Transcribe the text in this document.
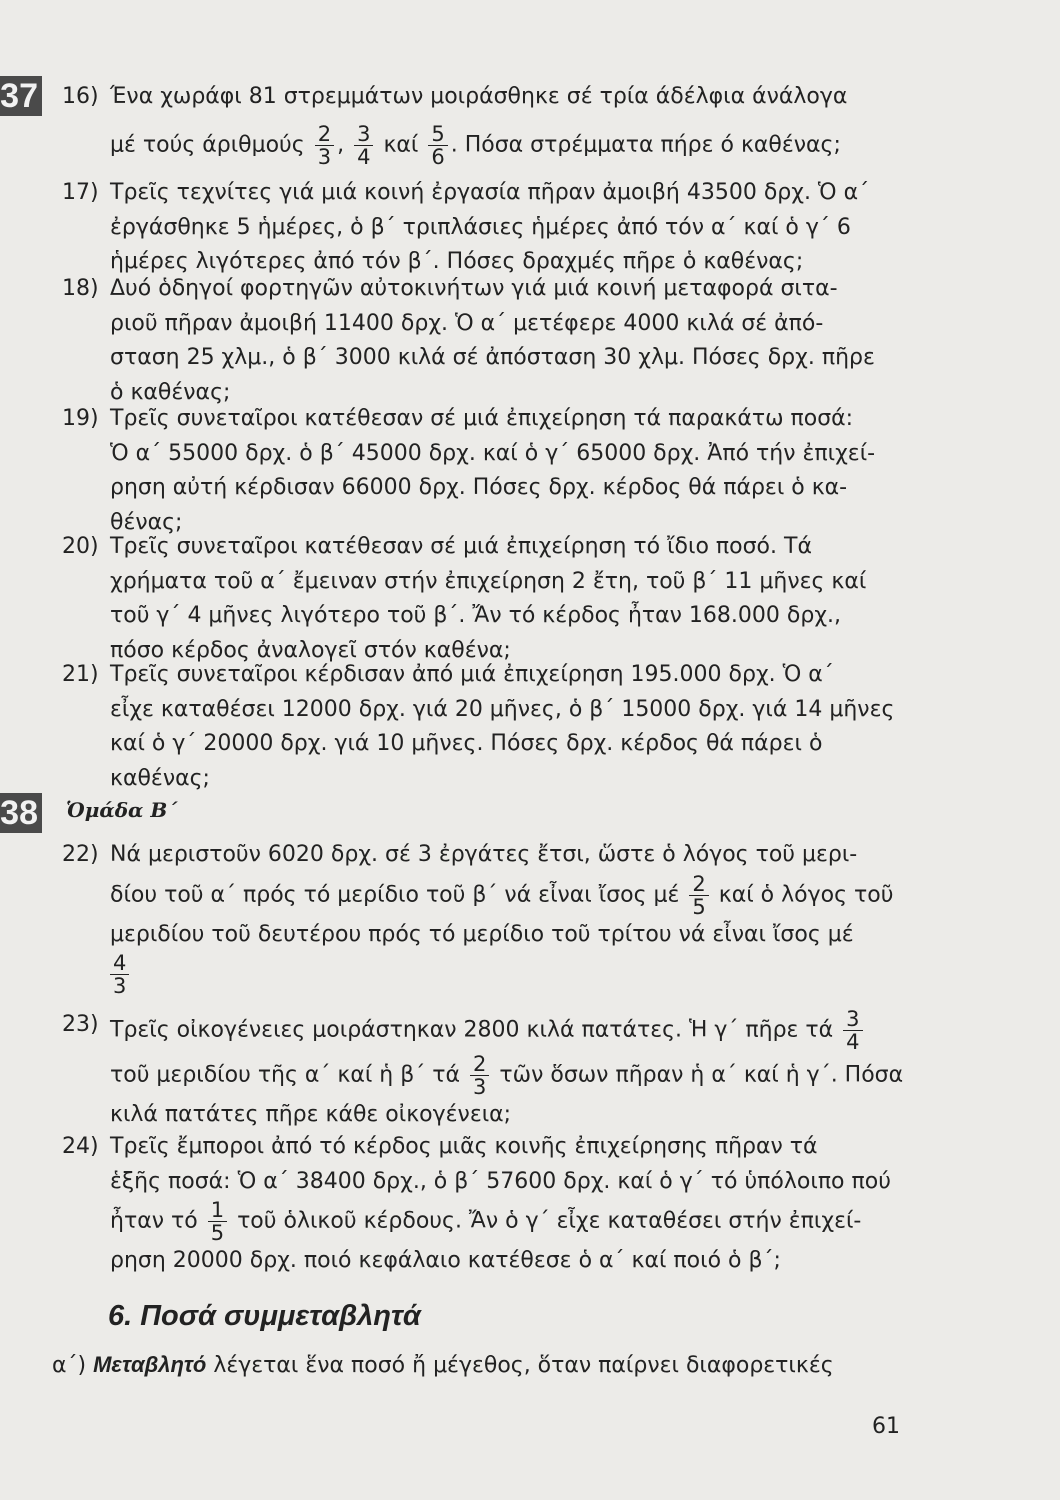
37
38
16) Ένα χωράφι 81 στρεμμάτων μοιράσθηκε σέ τρία άδέλφια άνάλογα
μέ τούς άριθμούς $\frac{2}{3}$ , $\frac{3}{4}$ καί $\frac{5}{6}$ . Πόσα στρέμματα πήρε ό καθένας;
17) Τρεῖς τεχνίτες γιά μιά κοινή ἐργασία πῆραν ἀμοιβή 43500 δρχ. Ὁ α΄
ἐργάσθηκε 5 ἡμέρες, ὁ β΄ τριπλάσιες ἡμέρες ἀπό τόν α΄ καί ὁ γ΄ 6
ἡμέρες λιγότερες ἀπό τόν β΄. Πόσες δραχμές πῆρε ὁ καθένας;
18) Δυό ὁδηγοί φορτηγῶν αὐτοκινήτων γιά μιά κοινή μεταφορά σιτα-
ριοῦ πῆραν ἀμοιβή 11400 δρχ. Ὁ α΄ μετέφερε 4000 κιλά σέ ἀπό-
σταση 25 χλμ., ὁ β΄ 3000 κιλά σέ ἀπόσταση 30 χλμ. Πόσες δρχ. πῆρε
ὁ καθένας;
19) Τρεῖς συνεταῖροι κατέθεσαν σέ μιά ἐπιχείρηση τά παρακάτω ποσά:
Ὁ α΄ 55000 δρχ. ὁ β΄ 45000 δρχ. καί ὁ γ΄ 65000 δρχ. Ἀπό τήν ἐπιχεί-
ρηση αὐτή κέρδισαν 66000 δρχ. Πόσες δρχ. κέρδος θά πάρει ὁ κα-
θένας;
20) Τρεῖς συνεταῖροι κατέθεσαν σέ μιά ἐπιχείρηση τό ἴδιο ποσό. Τά
χρήματα τοῦ α΄ ἔμειναν στήν ἐπιχείρηση 2 ἔτη, τοῦ β΄ 11 μῆνες καί
τοῦ γ΄ 4 μῆνες λιγότερο τοῦ β΄. Ἄν τό κέρδος ἦταν 168.000 δρχ.,
πόσο κέρδος ἀναλογεῖ στόν καθένα;
21) Τρεῖς συνεταῖροι κέρδισαν ἀπό μιά ἐπιχείρηση 195.000 δρχ. Ὁ α΄
εἶχε καταθέσει 12000 δρχ. γιά 20 μῆνες, ὁ β΄ 15000 δρχ. γιά 14 μῆνες
καί ὁ γ΄ 20000 δρχ. γιά 10 μῆνες. Πόσες δρχ. κέρδος θά πάρει ὁ
καθένας;
Ὁμάδα Β΄
22) Νά μεριστοῦν 6020 δρχ. σέ 3 ἐργάτες ἔτσι, ὥστε ὁ λόγος τοῦ μερι-
δίου τοῦ α΄ πρός τό μερίδιο τοῦ β΄ νά εἶναι ἴσος μέ $\frac{2}{5}$ καί ὁ λόγος τοῦ
μεριδίου τοῦ δευτέρου πρός τό μερίδιο τοῦ τρίτου νά εἶναι ἴσος μέ
$\frac{4}{3}$
23) Τρεῖς οἰκογένειες μοιράστηκαν 2800 κιλά πατάτες. Ἡ γ΄ πῆρε τά $\frac{3}{4}$
τοῦ μεριδίου τῆς α΄ καί ἡ β΄ τά $\frac{2}{3}$ τῶν ὅσων πῆραν ἡ α΄ καί ἡ γ΄. Πόσα
κιλά πατάτες πῆρε κάθε οἰκογένεια;
24) Τρεῖς ἔμποροι ἀπό τό κέρδος μιᾶς κοινῆς ἐπιχείρησης πῆραν τά
ἑξῆς ποσά: Ὁ α΄ 38400 δρχ., ὁ β΄ 57600 δρχ. καί ὁ γ΄ τό ὑπόλοιπο πού
ἦταν τό $\frac{1}{5}$ τοῦ ὁλικοῦ κέρδους. Ἄν ὁ γ΄ εἶχε καταθέσει στήν ἐπιχεί-
ρηση 20000 δρχ. ποιό κεφάλαιο κατέθεσε ὁ α΄ καί ποιό ὁ β΄;
6. Ποσά συμμεταβλητά
α΄) Μεταβλητό λέγεται ἕνα ποσό ἤ μέγεθος, ὅταν παίρνει διαφορετικές
61
